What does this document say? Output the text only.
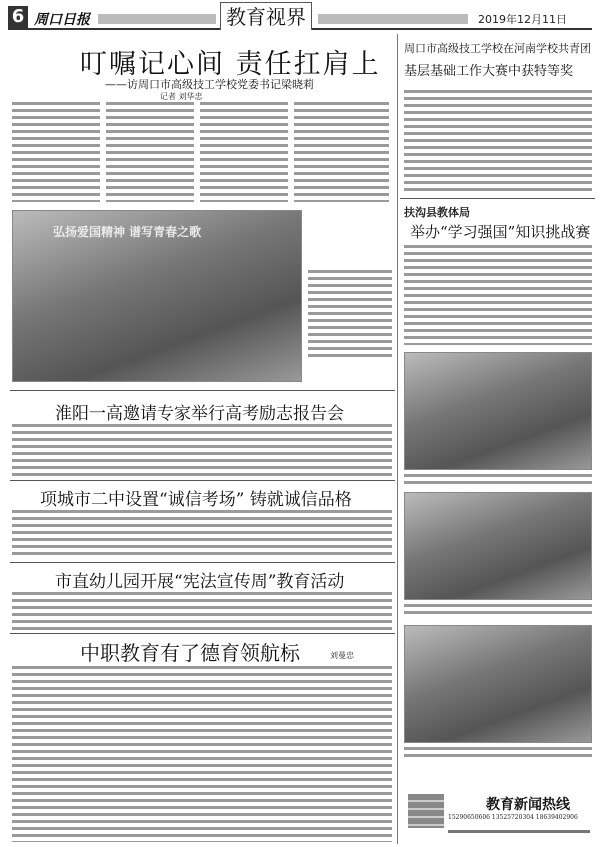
6 周口日报	教育视界	2019年12月11日
叮嘱记心间 责任扛肩上
——访周口市高级技工学校党委书记梁晓莉
记者 刘华忠
弘扬爱国精神 谱写青春之歌
淮阳一高邀请专家举行高考励志报告会
项城市二中设置“诚信考场” 铸就诚信品格
市直幼儿园开展“宪法宣传周”教育活动
中职教育有了德育领航标	刘曼忠
周口市高级技工学校在河南学校共青团
基层基础工作大赛中获特等奖
扶沟县教体局
举办“学习强国”知识挑战赛
教育新闻热线
15290650606 13525720304 18639402906
